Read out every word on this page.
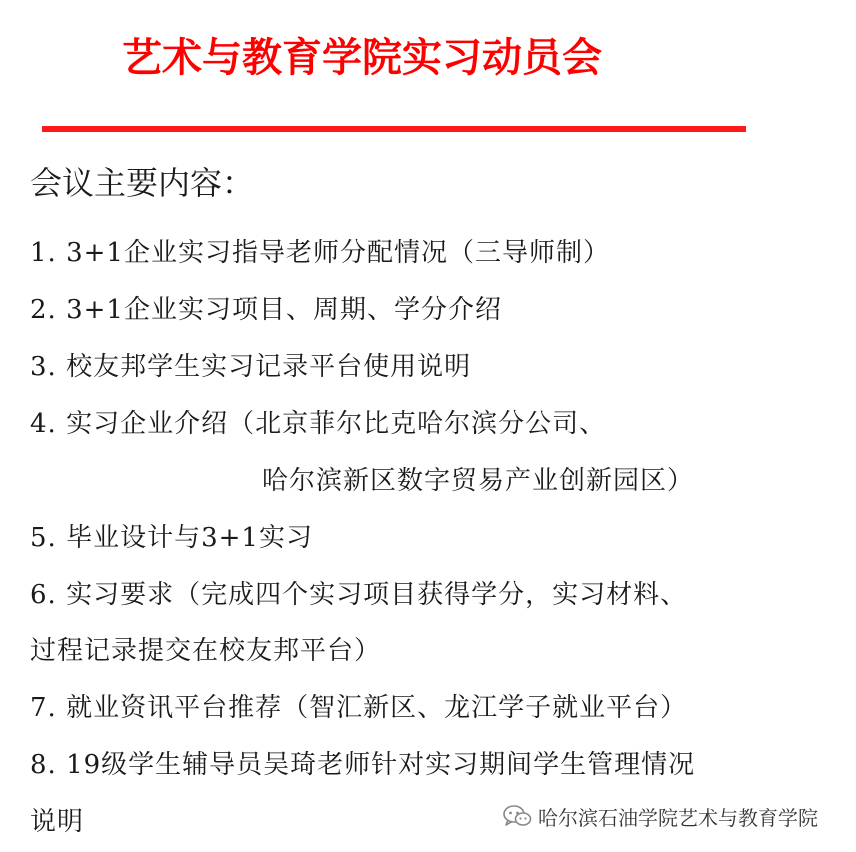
艺术与教育学院实习动员会
会议主要内容：
1. 3+1企业实习指导老师分配情况（三导师制）
2. 3+1企业实习项目、周期、学分介绍
3. 校友邦学生实习记录平台使用说明
4. 实习企业介绍（北京菲尔比克哈尔滨分公司、
哈尔滨新区数字贸易产业创新园区）
5. 毕业设计与3+1实习
6. 实习要求（完成四个实习项目获得学分，实习材料、
过程记录提交在校友邦平台）
7. 就业资讯平台推荐（智汇新区、龙江学子就业平台）
8. 19级学生辅导员吴琦老师针对实习期间学生管理情况
说明	哈尔滨石油学院艺术与教育学院
